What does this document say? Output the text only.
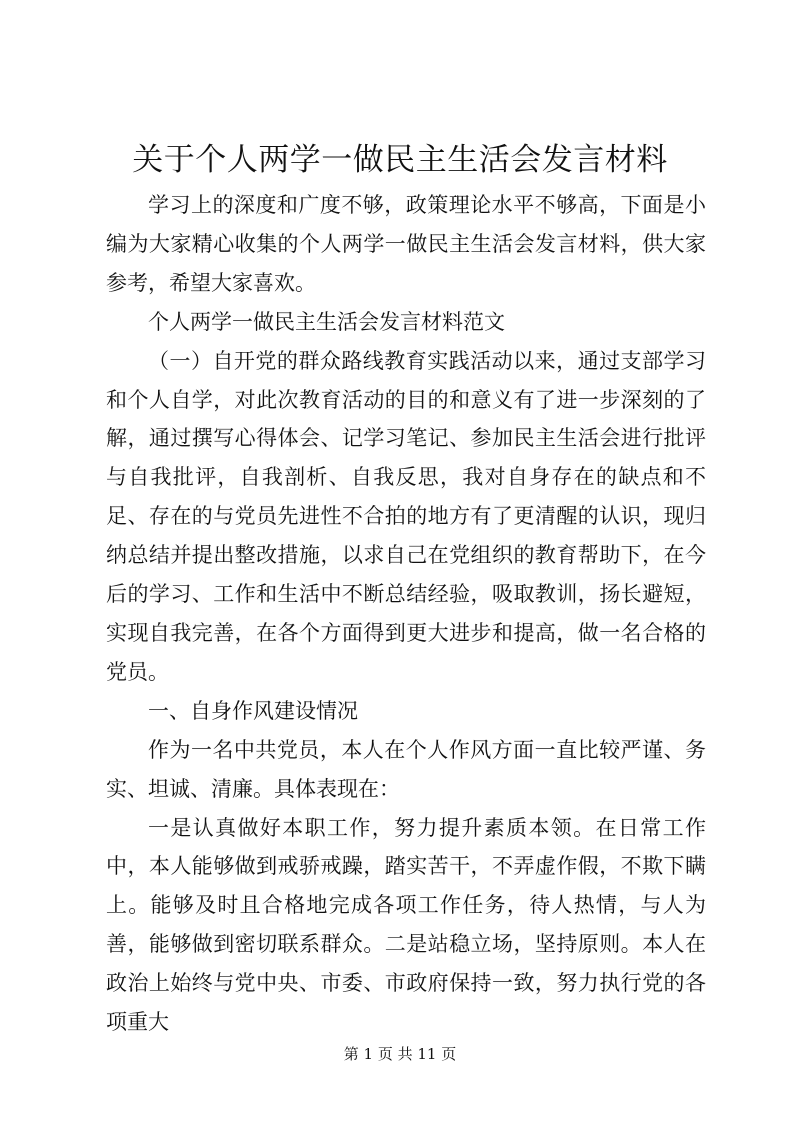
关于个人两学一做民主生活会发言材料

学习上的深度和广度不够，政策理论水平不够高，下面是小编为大家精心收集的个人两学一做民主生活会发言材料，供大家参考，希望大家喜欢。

个人两学一做民主生活会发言材料范文

（一）自开党的群众路线教育实践活动以来，通过支部学习和个人自学，对此次教育活动的目的和意义有了进一步深刻的了解，通过撰写心得体会、记学习笔记、参加民主生活会进行批评与自我批评，自我剖析、自我反思，我对自身存在的缺点和不足、存在的与党员先进性不合拍的地方有了更清醒的认识，现归纳总结并提出整改措施，以求自己在党组织的教育帮助下，在今后的学习、工作和生活中不断总结经验，吸取教训，扬长避短，实现自我完善，在各个方面得到更大进步和提高，做一名合格的党员。

一、自身作风建设情况

作为一名中共党员，本人在个人作风方面一直比较严谨、务实、坦诚、清廉。具体表现在：

一是认真做好本职工作，努力提升素质本领。在日常工作中，本人能够做到戒骄戒躁，踏实苦干，不弄虚作假，不欺下瞒上。能够及时且合格地完成各项工作任务，待人热情，与人为善，能够做到密切联系群众。二是站稳立场，坚持原则。本人在政治上始终与党中央、市委、市政府保持一致，努力执行党的各项重大

第 1 页 共 11 页
